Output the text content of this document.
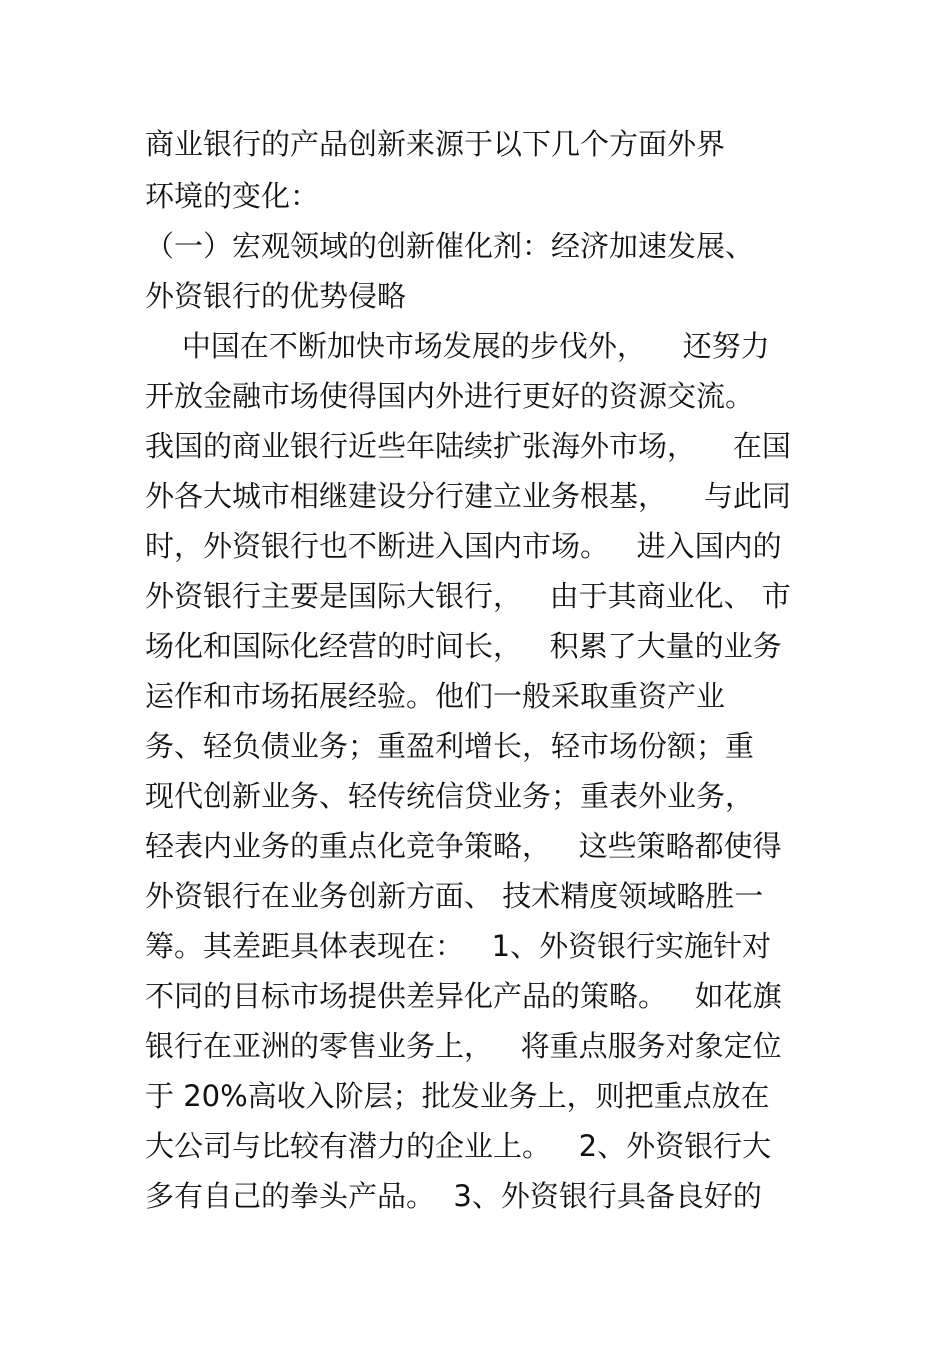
商业银行的产品创新来源于以下几个方面外界
环境的变化：
（一）宏观领域的创新催化剂：经济加速发展、
外资银行的优势侵略
中国在不断加快市场发展的步伐外，    还努力
开放金融市场使得国内外进行更好的资源交流。
我国的商业银行近些年陆续扩张海外市场，    在国
外各大城市相继建设分行建立业务根基，    与此同
时，外资银行也不断进入国内市场。   进入国内的
外资银行主要是国际大银行，   由于其商业化、 市
场化和国际化经营的时间长，   积累了大量的业务
运作和市场拓展经验。他们一般采取重资产业
务、轻负债业务；重盈利增长，轻市场份额；重
现代创新业务、轻传统信贷业务；重表外业务，
轻表内业务的重点化竞争策略，   这些策略都使得
外资银行在业务创新方面、 技术精度领域略胜一
筹。其差距具体表现在：   1、外资银行实施针对
不同的目标市场提供差异化产品的策略。   如花旗
银行在亚洲的零售业务上，   将重点服务对象定位
于 20%高收入阶层；批发业务上，则把重点放在
大公司与比较有潜力的企业上。   2、外资银行大
多有自己的拳头产品。  3、外资银行具备良好的
